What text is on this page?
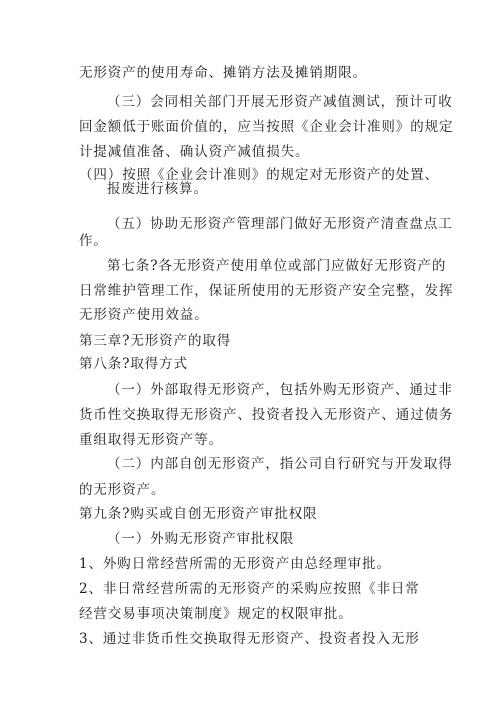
无形资产的使用寿命、摊销方法及摊销期限。
（三）会同相关部门开展无形资产减值测试，预计可收
回金额低于账面价值的，应当按照《企业会计准则》的规定
计提减值准备、确认资产减值损失。
（四）按照《企业会计准则》的规定对无形资产的处置、
报废进行核算。
（五）协助无形资产管理部门做好无形资产清查盘点工
作。
第七条?各无形资产使用单位或部门应做好无形资产的
日常维护管理工作，保证所使用的无形资产安全完整，发挥
无形资产使用效益。
第三章?无形资产的取得
第八条?取得方式
（一）外部取得无形资产，包括外购无形资产、通过非
货币性交换取得无形资产、投资者投入无形资产、通过债务
重组取得无形资产等。
（二）内部自创无形资产，指公司自行研究与开发取得
的无形资产。
第九条?购买或自创无形资产审批权限
（一）外购无形资产审批权限
1、外购日常经营所需的无形资产由总经理审批。
2、非日常经营所需的无形资产的采购应按照《非日常
经营交易事项决策制度》规定的权限审批。
3、通过非货币性交换取得无形资产、投资者投入无形
